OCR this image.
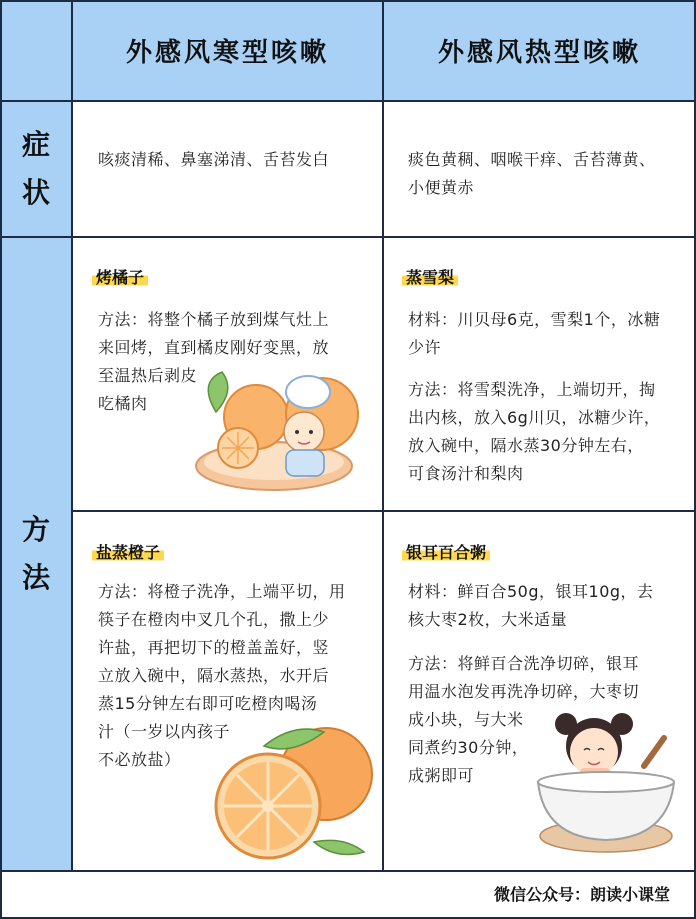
外感风寒型咳嗽	外感风热型咳嗽
症
状
方
法
咳痰清稀、鼻塞涕清、舌苔发白	痰色黄稠、咽喉干痒、舌苔薄黄、
小便黄赤
烤橘子
方法：将整个橘子放到煤气灶上
来回烤，直到橘皮刚好变黑，放
至温热后剥皮
吃橘肉
蒸雪梨
材料：川贝母6克，雪梨1个，冰糖
少许
方法：将雪梨洗净，上端切开，掏
出内核，放入6g川贝，冰糖少许，
放入碗中，隔水蒸30分钟左右，
可食汤汁和梨肉
盐蒸橙子
方法：将橙子洗净，上端平切，用
筷子在橙肉中叉几个孔，撒上少
许盐，再把切下的橙盖盖好，竖
立放入碗中，隔水蒸热，水开后
蒸15分钟左右即可吃橙肉喝汤
汁（一岁以内孩子
不必放盐）
银耳百合粥
材料：鲜百合50g，银耳10g，去
核大枣2枚，大米适量
方法：将鲜百合洗净切碎，银耳
用温水泡发再洗净切碎，大枣切
成小块，与大米
同煮约30分钟，
成粥即可
微信公众号：朗读小课堂
